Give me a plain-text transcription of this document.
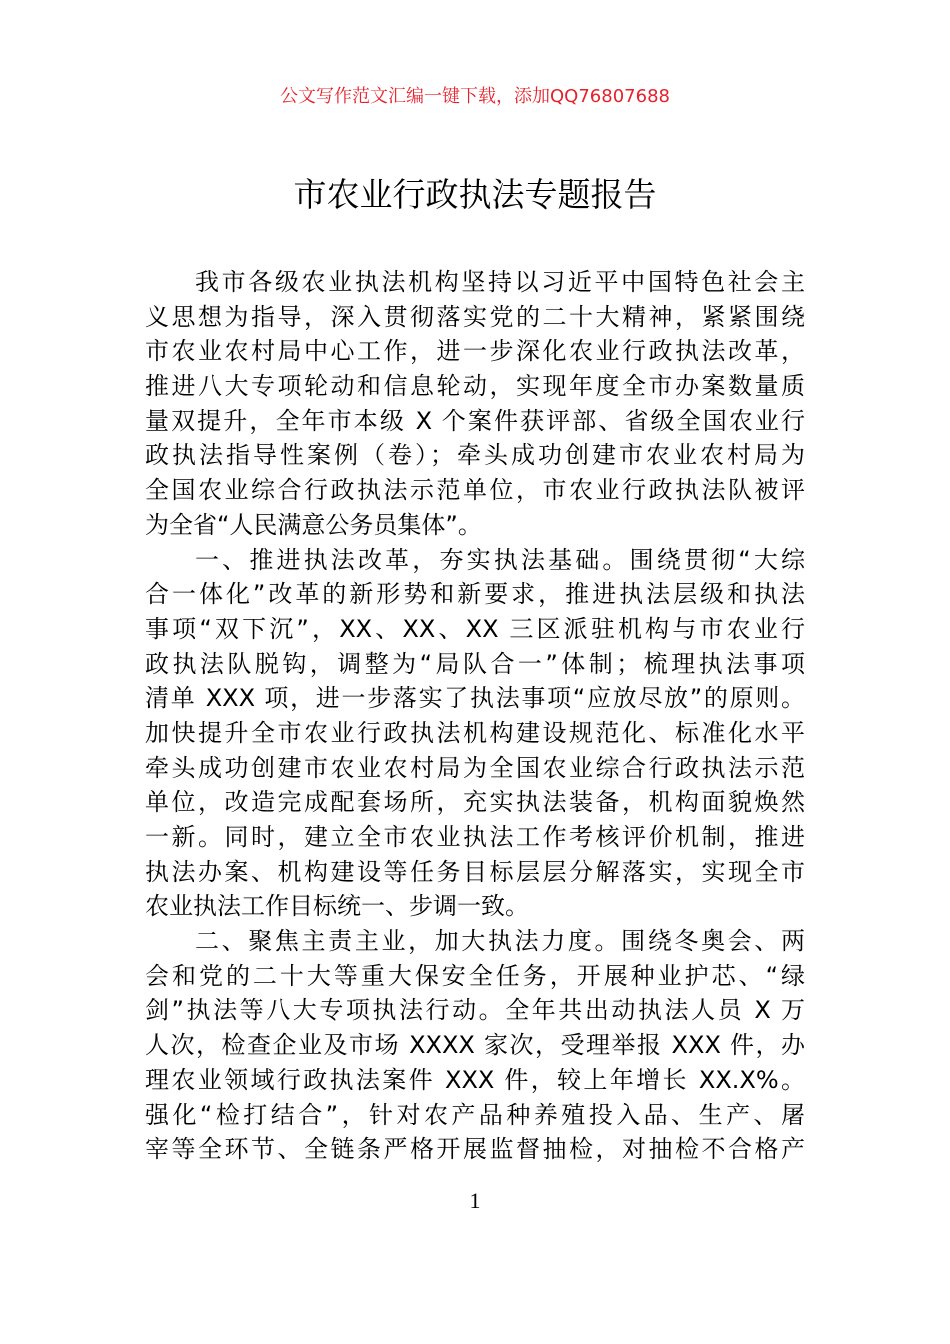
公文写作范文汇编一键下载，添加QQ76807688
市农业行政执法专题报告
我市各级农业执法机构坚持以习近平中国特色社会主
义思想为指导，深入贯彻落实党的二十大精神，紧紧围绕
市农业农村局中心工作，进一步深化农业行政执法改革，
推进八大专项轮动和信息轮动，实现年度全市办案数量质
量双提升，全年市本级 X 个案件获评部、省级全国农业行
政执法指导性案例（卷）；牵头成功创建市农业农村局为
全国农业综合行政执法示范单位，市农业行政执法队被评
为全省“人民满意公务员集体”。
一、推进执法改革，夯实执法基础。围绕贯彻“大综
合一体化”改革的新形势和新要求，推进执法层级和执法
事项“双下沉”，XX、XX、XX 三区派驻机构与市农业行
政执法队脱钩，调整为“局队合一”体制；梳理执法事项
清单 XXX 项，进一步落实了执法事项“应放尽放”的原则。
加快提升全市农业行政执法机构建设规范化、标准化水平
牵头成功创建市农业农村局为全国农业综合行政执法示范
单位，改造完成配套场所，充实执法装备，机构面貌焕然
一新。同时，建立全市农业执法工作考核评价机制，推进
执法办案、机构建设等任务目标层层分解落实，实现全市
农业执法工作目标统一、步调一致。
二、聚焦主责主业，加大执法力度。围绕冬奥会、两
会和党的二十大等重大保安全任务，开展种业护芯、“绿
剑”执法等八大专项执法行动。全年共出动执法人员 X 万
人次，检查企业及市场 XXXX 家次，受理举报 XXX 件，办
理农业领域行政执法案件 XXX 件，较上年增长 XX.X%。
强化“检打结合”，针对农产品种养殖投入品、生产、屠
宰等全环节、全链条严格开展监督抽检，对抽检不合格产
1
